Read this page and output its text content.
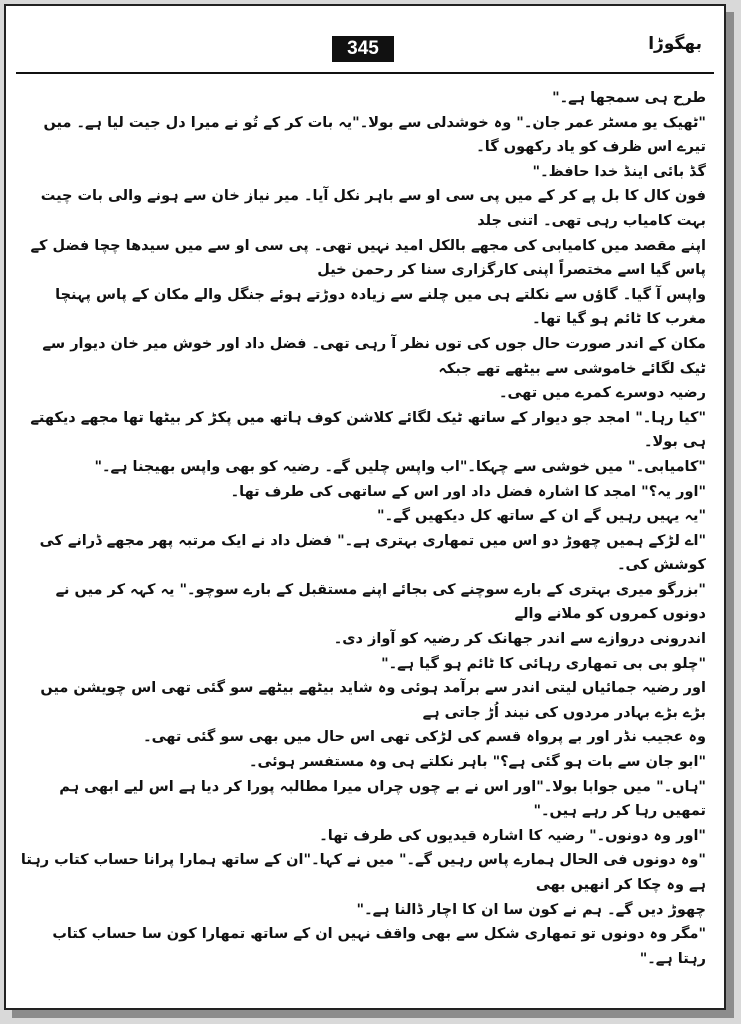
345	بھگوڑا

طرح ہی سمجھا ہے۔"

"ٹھیک یو مسٹر عمر جان۔" وہ خوشدلی سے بولا۔"یہ بات کر کے تُو نے میرا دل جیت لیا ہے۔ میں تیرے اس ظرف کو یاد رکھوں گا۔

گڈ بائی اینڈ خدا حافظ۔"

فون کال کا بل پے کر کے میں پی سی او سے باہر نکل آیا۔ میر نیاز خان سے ہونے والی بات چیت بہت کامیاب رہی تھی۔ اتنی جلد

اپنے مقصد میں کامیابی کی مجھے بالکل امید نہیں تھی۔ پی سی او سے میں سیدھا چچا فضل کے پاس گیا اسے مختصراً اپنی کارگزاری سنا کر رحمن خیل

واپس آ گیا۔ گاؤں سے نکلتے ہی میں چلنے سے زیادہ دوڑتے ہوئے جنگل والے مکان کے پاس پہنچا مغرب کا ٹائم ہو گیا تھا۔

مکان کے اندر صورت حال جوں کی توں نظر آ رہی تھی۔ فضل داد اور خوش میر خان دیوار سے ٹیک لگائے خاموشی سے بیٹھے تھے جبکہ

رضیہ دوسرے کمرے میں تھی۔

"کیا رہا۔" امجد جو دیوار کے ساتھ ٹیک لگائے کلاشن کوف ہاتھ میں پکڑ کر بیٹھا تھا مجھے دیکھتے ہی بولا۔

"کامیابی۔" میں خوشی سے چہکا۔"اب واپس چلیں گے۔ رضیہ کو بھی واپس بھیجنا ہے۔"

"اور یہ؟" امجد کا اشارہ فضل داد اور اس کے ساتھی کی طرف تھا۔

"یہ یہیں رہیں گے ان کے ساتھ کل دیکھیں گے۔"

"اے لڑکے ہمیں چھوڑ دو اس میں تمھاری بہتری ہے۔" فضل داد نے ایک مرتبہ پھر مجھے ڈرانے کی کوشش کی۔

"بزرگو میری بہتری کے بارے سوچنے کی بجائے اپنے مستقبل کے بارے سوچو۔" یہ کہہ کر میں نے دونوں کمروں کو ملانے والے

اندرونی دروازے سے اندر جھانک کر رضیہ کو آواز دی۔

"چلو بی بی تمھاری رہائی کا ٹائم ہو گیا ہے۔"

اور رضیہ جمائیاں لیتی اندر سے برآمد ہوئی وہ شاید بیٹھے بیٹھے سو گئی تھی اس چویشن میں بڑے بڑے بہادر مردوں کی نیند اُڑ جاتی ہے

وہ عجیب نڈر اور بے پرواہ قسم کی لڑکی تھی اس حال میں بھی سو گئی تھی۔

"ابو جان سے بات ہو گئی ہے؟" باہر نکلتے ہی وہ مستفسر ہوئی۔

"ہاں۔" میں جوابا بولا۔"اور اس نے بے چوں چراں میرا مطالبہ پورا کر دیا ہے اس لیے ابھی ہم تمھیں رہا کر رہے ہیں۔"

"اور وہ دونوں۔" رضیہ کا اشارہ قیدیوں کی طرف تھا۔

"وہ دونوں فی الحال ہمارے پاس رہیں گے۔" میں نے کہا۔"ان کے ساتھ ہمارا پرانا حساب کتاب رہتا ہے وہ چکا کر انھیں بھی

چھوڑ دیں گے۔ ہم نے کون سا ان کا اچار ڈالنا ہے۔"

"مگر وہ دونوں تو تمھاری شکل سے بھی واقف نہیں ان کے ساتھ تمھارا کون سا حساب کتاب رہتا ہے۔"
